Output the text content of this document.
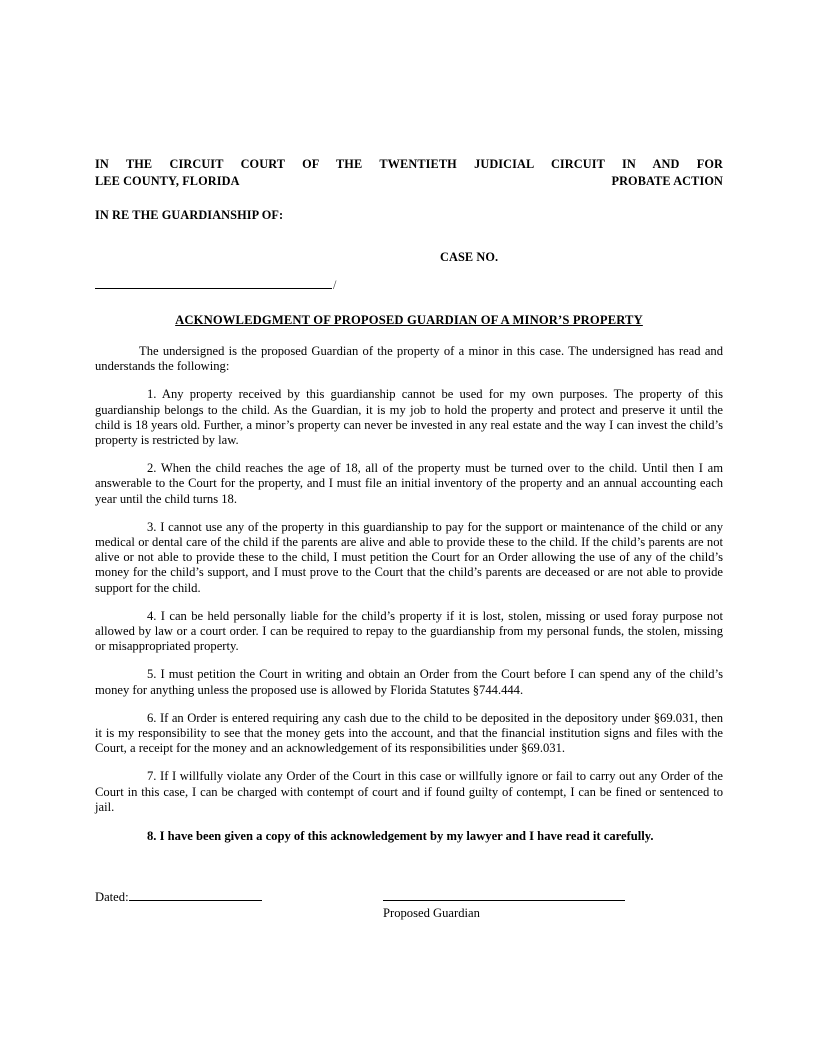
IN THE CIRCUIT COURT OF THE TWENTIETH JUDICIAL CIRCUIT IN AND FOR
LEE COUNTY, FLORIDA	PROBATE ACTION
IN RE THE GUARDIANSHIP OF:
CASE NO.
/
ACKNOWLEDGMENT OF PROPOSED GUARDIAN OF A MINOR’S PROPERTY

The undersigned is the proposed Guardian of the property of a minor in this case. The undersigned has read and understands the following:

1. Any property received by this guardianship cannot be used for my own purposes. The property of this guardianship belongs to the child. As the Guardian, it is my job to hold the property and protect and preserve it until the child is 18 years old. Further, a minor’s property can never be invested in any real estate and the way I can invest the child’s property is restricted by law.

2. When the child reaches the age of 18, all of the property must be turned over to the child. Until then I am answerable to the Court for the property, and I must file an initial inventory of the property and an annual accounting each year until the child turns 18.

3. I cannot use any of the property in this guardianship to pay for the support or maintenance of the child or any medical or dental care of the child if the parents are alive and able to provide these to the child. If the child’s parents are not alive or not able to provide these to the child, I must petition the Court for an Order allowing the use of any of the child’s money for the child’s support, and I must prove to the Court that the child’s parents are deceased or are not able to provide support for the child.

4. I can be held personally liable for the child’s property if it is lost, stolen, missing or used foray purpose not allowed by law or a court order. I can be required to repay to the guardianship from my personal funds, the stolen, missing or misappropriated property.

5. I must petition the Court in writing and obtain an Order from the Court before I can spend any of the child’s money for anything unless the proposed use is allowed by Florida Statutes §744.444.

6. If an Order is entered requiring any cash due to the child to be deposited in the depository under §69.031, then it is my responsibility to see that the money gets into the account, and that the financial institution signs and files with the Court, a receipt for the money and an acknowledgement of its responsibilities under §69.031.

7. If I willfully violate any Order of the Court in this case or willfully ignore or fail to carry out any Order of the Court in this case, I can be charged with contempt of court and if found guilty of contempt, I can be fined or sentenced to jail.

8. I have been given a copy of this acknowledgement by my lawyer and I have read it carefully.

Dated:
Proposed Guardian
